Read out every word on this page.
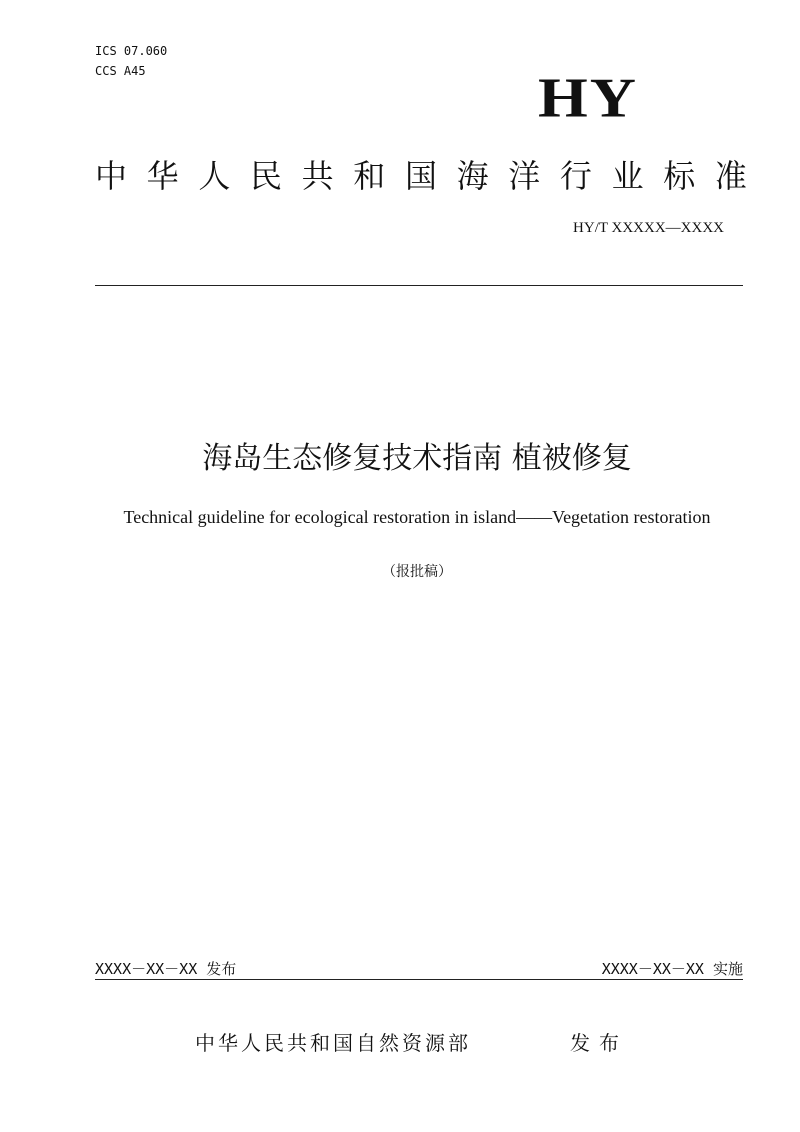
ICS 07.060
CCS A45	HY
中 华 人 民 共 和 国 海 洋 行 业 标 准
HY/T XXXXX—XXXX
海岛生态修复技术指南 植被修复
Technical guideline for ecological restoration in island——Vegetation restoration
（报批稿）
XXXX－XX－XX 发布	XXXX－XX－XX 实施
中华人民共和国自然资源部	发布
